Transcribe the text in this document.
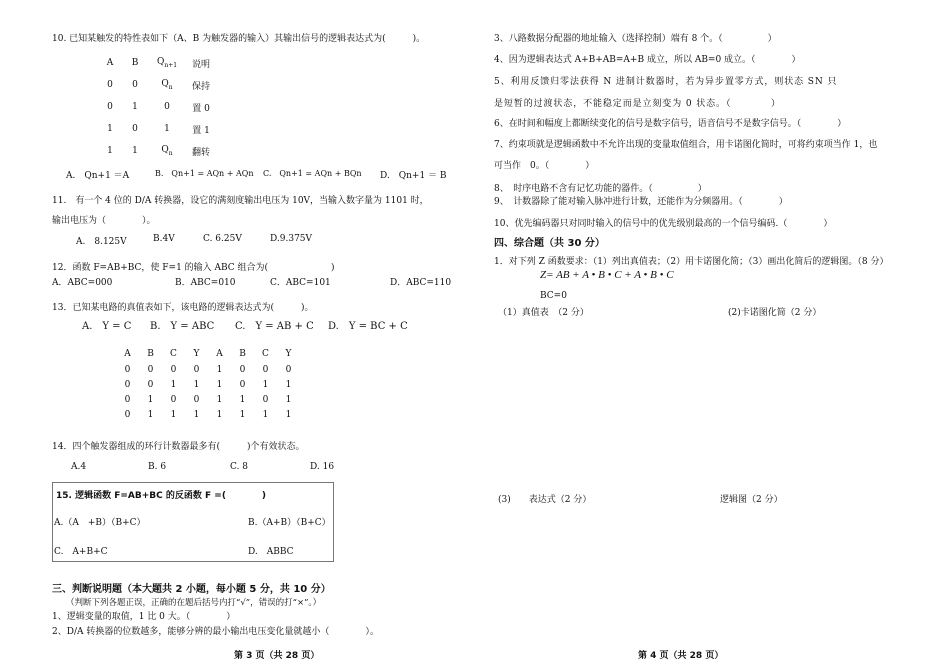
10. 已知某触发的特性表如下（A、B 为触发器的输入）其输出信号的逻辑表达式为(　　　)。
A	B	$Q_{n+1}$	说明
0	0	$Q_n$	保持
0	1	0	置 0
1	0	1	置 1
1	1	$Q_n$	翻转
A.　Qn+1 ＝A	B.　Qn+1 = AQn + AQn C.　Qn+1 = AQn + BQn D.　Qn+1 ＝ B
11.　有一个 4 位的 D/A 转换器，设它的满刻度输出电压为 10V，当输入数字量为 1101 时，
输出电压为（　　　　）。
A.　8.125V	B.4V	C. 6.25V	D.9.375V
12．函数 F=AB+BC，使 F=1 的输入 ABC 组合为(　　　　　　　)
A．ABC=000	B．ABC=010	C．ABC=101	D．ABC=110
13．已知某电路的真值表如下，该电路的逻辑表达式为(　　　)。
A.　Y = C B.　Y = ABC C.　Y = AB + C D.　Y = BC + C
A	B	C	Y	A	B	C	Y
0	0	0	0	1	0	0	0
0	0	1	1	1	0	1	1
0	1	0	0	1	1	0	1
0	1	1	1	1	1	1	1
14．四个触发器组成的环行计数器最多有(　　　)个有效状态。
A.4	B. 6	C. 8	D. 16
15. 逻辑函数 F=AB+BC 的反函数 F =(　　　　)
A.（A　+B）（B+C）	B.（A+B）（B+C）
C.　A+B+C	D.　ABBC
三、判断说明题（本大题共 2 小题，每小题 5 分，共 10 分）
（判断下列各题正误，正确的在题后括号内打“√”，错误的打“×”。）
1、逻辑变量的取值，1 比 0 大。（　　　　）
2、D/A 转换器的位数越多，能够分辨的最小输出电压变化量就越小（　　　　）。
第 3 页（共 28 页）
3、八路数据分配器的地址输入（选择控制）端有 8 个。（　　　　　）
4、因为逻辑表达式 A+B+AB=A+B 成立，所以 AB=0 成立。（　　　　）
5、利用反馈归零法获得 N 进制计数器时，若为异步置零方式，则状态 SN 只
是短暂的过渡状态，不能稳定而是立刻变为 0 状态。（　　　　）
6、在时间和幅度上都断续变化的信号是数字信号，语音信号不是数字信号。（　　　　）
7、约束项就是逻辑函数中不允许出现的变量取值组合，用卡诺图化简时，可将约束项当作 1，也
可当作　0。（　　　　）
8、　时序电路不含有记忆功能的器件。（　　　　　）
9、　计数器除了能对输入脉冲进行计数，还能作为分频器用。（　　　　）
10、优先编码器只对同时输入的信号中的优先级别最高的一个信号编码.（　　　　）
四、综合题（共 30 分）
1．对下列 Z 函数要求：（1）列出真值表；（2）用卡诺图化简；（3）画出化简后的逻辑图。（8 分）
Z= AB + A • B • C + A • B • C
BC=0
（1）真值表　（2 分）	(2)卡诺图化简（2 分）
(3)　　表达式（2 分）	逻辑图（2 分）
第 4 页（共 28 页）
